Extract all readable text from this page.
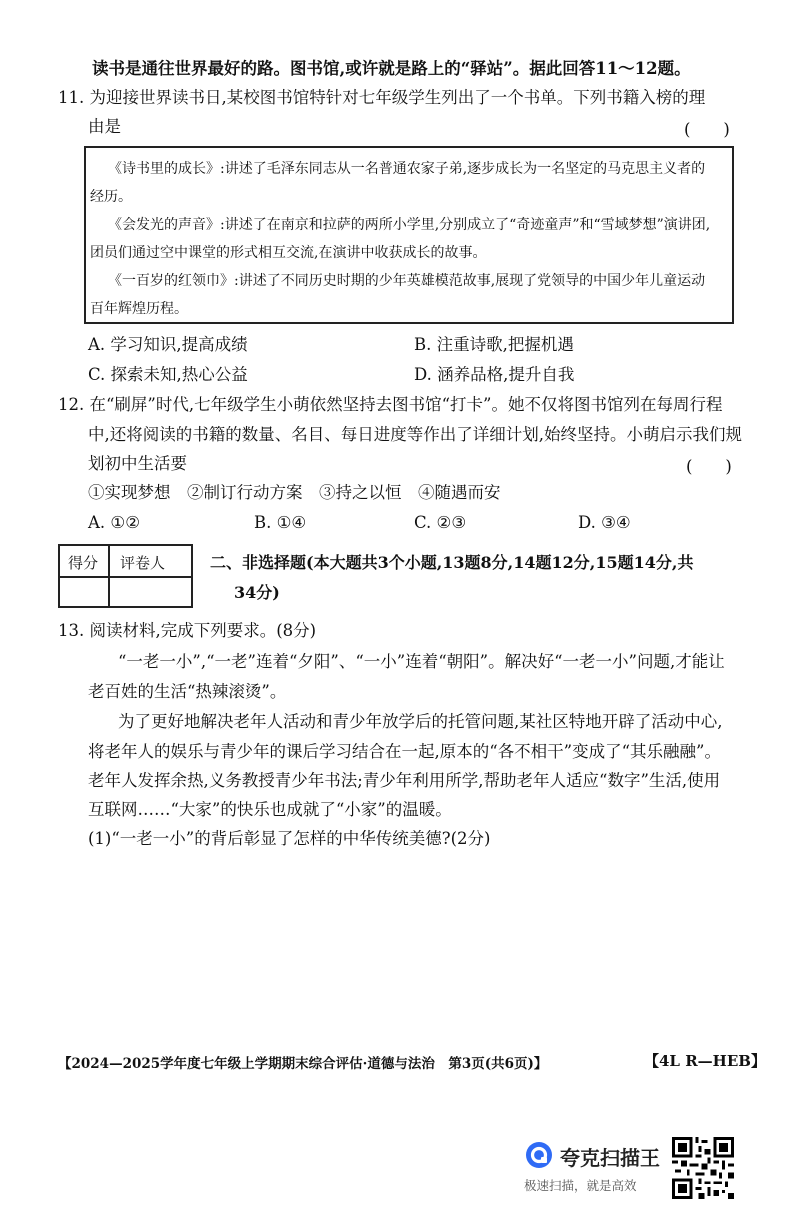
读书是通往世界最好的路。图书馆,或许就是路上的“驿站”。据此回答11～12题。
11. 为迎接世界读书日,某校图书馆特针对七年级学生列出了一个书单。下列书籍入榜的理
由是	(　　)
《诗书里的成长》:讲述了毛泽东同志从一名普通农家子弟,逐步成长为一名坚定的马克思主义者的
经历。
《会发光的声音》:讲述了在南京和拉萨的两所小学里,分别成立了“奇迹童声”和“雪域梦想”演讲团,
团员们通过空中课堂的形式相互交流,在演讲中收获成长的故事。
《一百岁的红领巾》:讲述了不同历史时期的少年英雄模范故事,展现了党领导的中国少年儿童运动
百年辉煌历程。
A. 学习知识,提高成绩	B. 注重诗歌,把握机遇
C. 探索未知,热心公益	D. 涵养品格,提升自我
12. 在“刷屏”时代,七年级学生小萌依然坚持去图书馆“打卡”。她不仅将图书馆列在每周行程
中,还将阅读的书籍的数量、名目、每日进度等作出了详细计划,始终坚持。小萌启示我们规
划初中生活要	(　　)
①实现梦想　②制订行动方案　③持之以恒　④随遇而安
A. ①②	B. ①④	C. ②③	D. ③④
得分 评卷人	二、非选择题(本大题共3个小题,13题8分,14题12分,15题14分,共
34分)
13. 阅读材料,完成下列要求。(8分)
“一老一小”,“一老”连着“夕阳”、“一小”连着“朝阳”。解决好“一老一小”问题,才能让
老百姓的生活“热辣滚烫”。
为了更好地解决老年人活动和青少年放学后的托管问题,某社区特地开辟了活动中心,
将老年人的娱乐与青少年的课后学习结合在一起,原本的“各不相干”变成了“其乐融融”。
老年人发挥余热,义务教授青少年书法;青少年利用所学,帮助老年人适应“数字”生活,使用
互联网……“大家”的快乐也成就了“小家”的温暖。
(1)“一老一小”的背后彰显了怎样的中华传统美德?(2分)
【2024—2025学年度七年级上学期期末综合评估·道德与法治　第3页(共6页)】	【4L R—HEB】
夸克扫描王
极速扫描，就是高效
